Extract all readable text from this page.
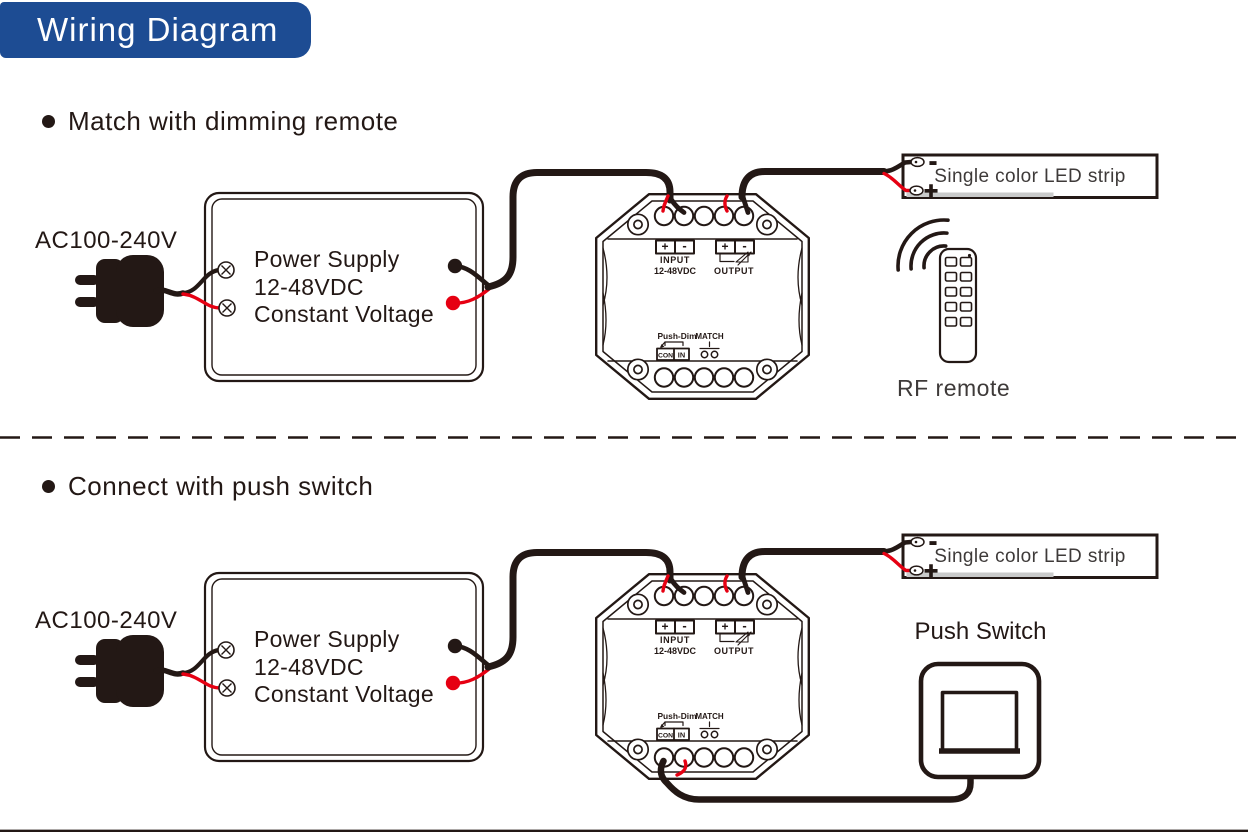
-
+
-
+
+ -
INPUT
12-48VDC
+ -
OUTPUT
Push-Dim
MATCH
CON IN
+ -
INPUT
12-48VDC
+ -
OUTPUT
Push-Dim
MATCH
CON IN
Wiring Diagram
Match with dimming remote
Connect with push switch
AC100-240V
AC100-240V
Power Supply
12-48VDC
Constant Voltage
Power Supply
12-48VDC
Constant Voltage
Single color LED strip
Single color LED strip
RF remote
Push Switch
